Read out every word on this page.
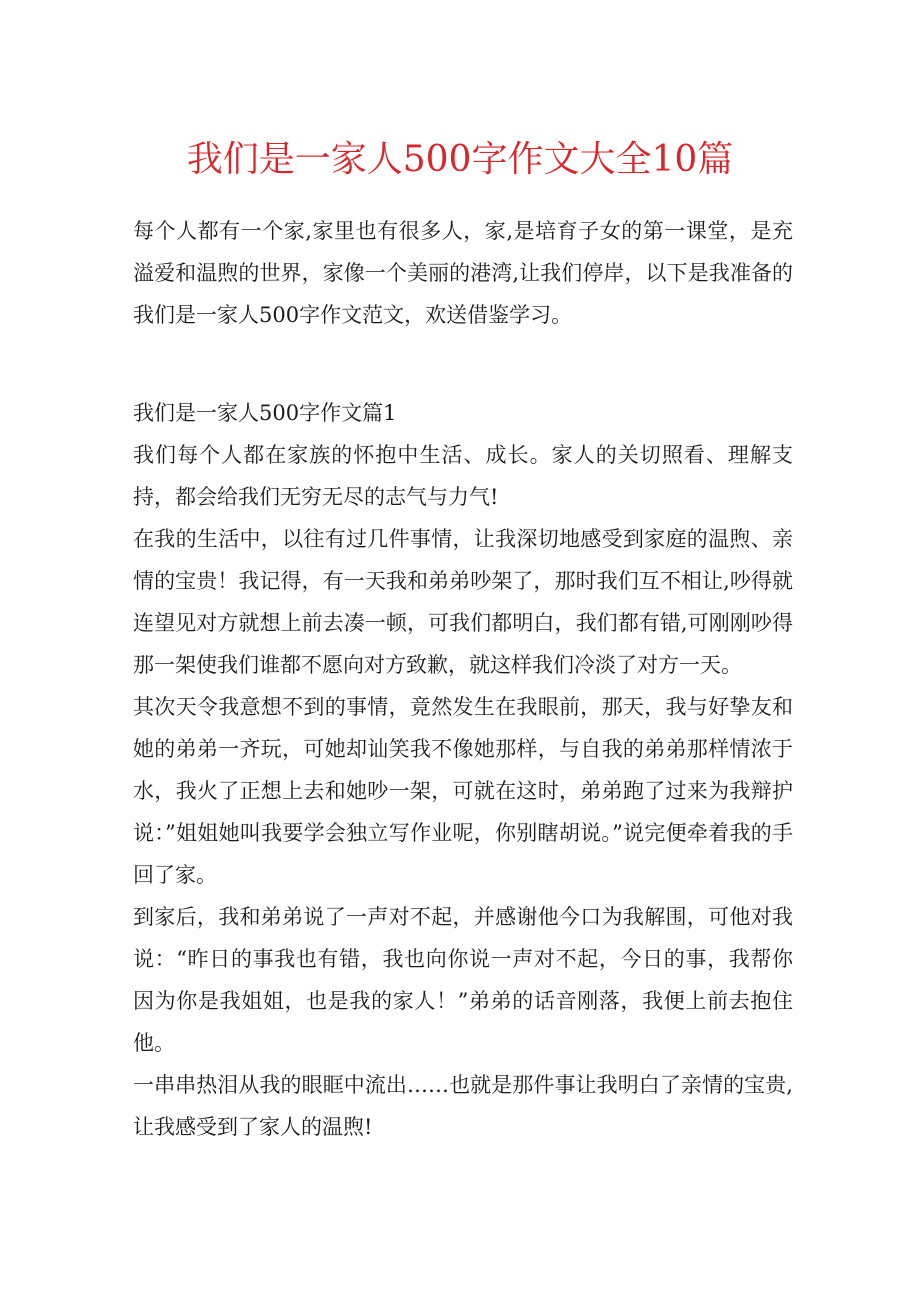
我们是一家人500字作文大全10篇

每个人都有一个家,家里也有很多人，家,是培育子女的第一课堂，是充溢爱和温煦的世界，家像一个美丽的港湾,让我们停岸，以下是我准备的我们是一家人500字作文范文，欢送借鉴学习。

我们是一家人500字作文篇1

我们每个人都在家族的怀抱中生活、成长。家人的关切照看、理解支持，都会给我们无穷无尽的志气与力气!

在我的生活中，以往有过几件事情，让我深切地感受到家庭的温煦、亲情的宝贵！我记得，有一天我和弟弟吵架了，那时我们互不相让,吵得就连望见对方就想上前去凑一顿，可我们都明白，我们都有错,可刚刚吵得那一架使我们谁都不愿向对方致歉，就这样我们冷淡了对方一天。

其次天令我意想不到的事情，竟然发生在我眼前，那天，我与好挚友和她的弟弟一齐玩，可她却讪笑我不像她那样，与自我的弟弟那样情浓于水，我火了正想上去和她吵一架，可就在这时，弟弟跑了过来为我辩护说：”姐姐她叫我要学会独立写作业呢，你别瞎胡说。”说完便牵着我的手回了家。

到家后，我和弟弟说了一声对不起，并感谢他今口为我解围，可他对我说：“昨日的事我也有错，我也向你说一声对不起，今日的事，我帮你因为你是我姐姐，也是我的家人！”弟弟的话音刚落，我便上前去抱住他。

一串串热泪从我的眼眶中流出……也就是那件事让我明白了亲情的宝贵,让我感受到了家人的温煦!
